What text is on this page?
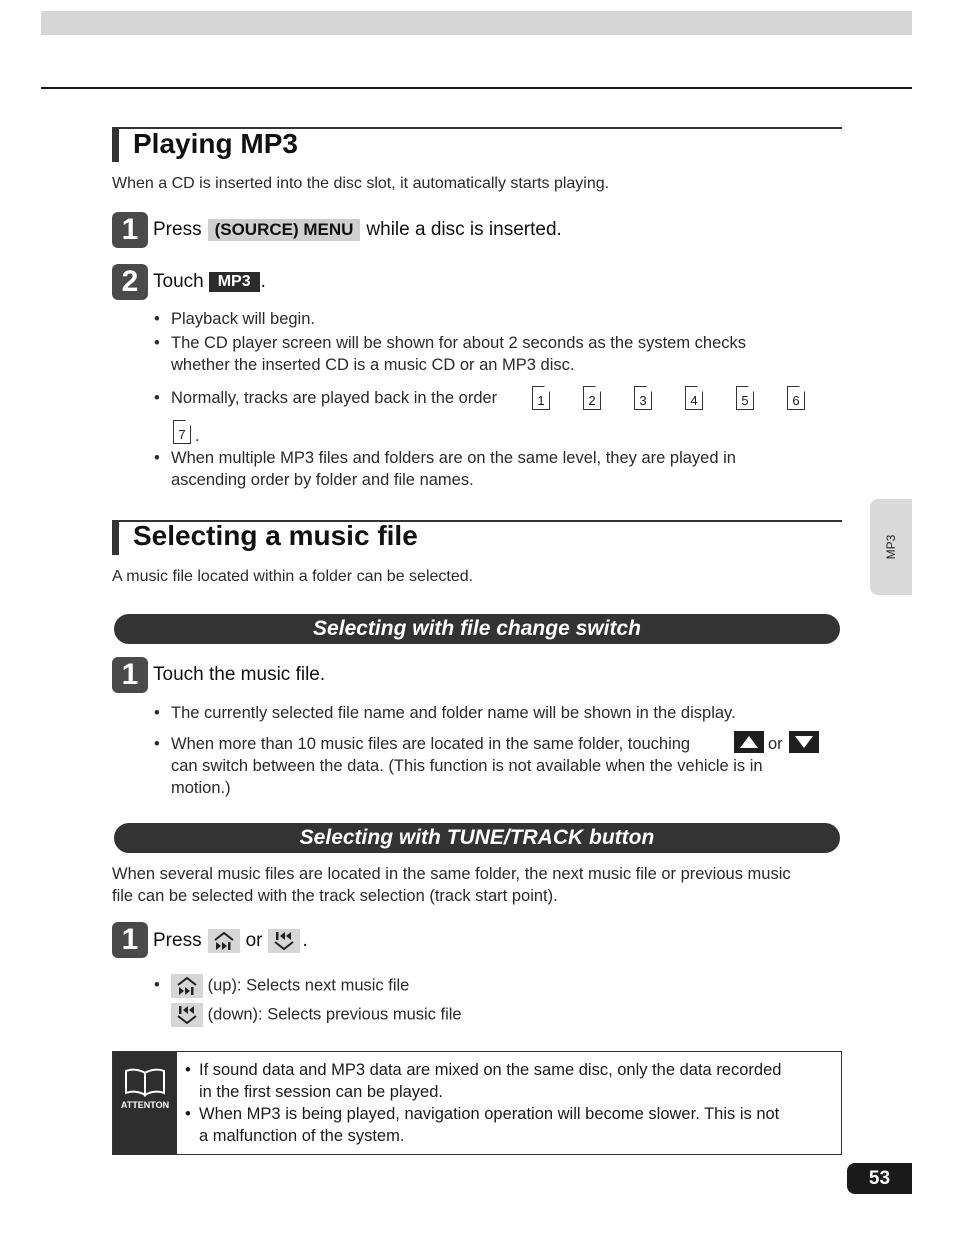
Playing MP3
When a CD is inserted into the disc slot, it automatically starts playing.
1 Press (SOURCE) MENU while a disc is inserted.
2 Touch MP3 .
• Playback will begin.
• The CD player screen will be shown for about 2 seconds as the system checks
whether the inserted CD is a music CD or an MP3 disc.
• Normally, tracks are played back in the order	1	2	3	4	5	6
7 .
• When multiple MP3 files and folders are on the same level, they are played in
ascending order by folder and file names.
Selecting a music file
A music file located within a folder can be selected.
MP3
Selecting with file change switch
1 Touch the music file.
• The currently selected file name and folder name will be shown in the display.
• When more than 10 music files are located in the same folder, touching	or
can switch between the data. (This function is not available when the vehicle is in
motion.)
Selecting with TUNE/TRACK button
When several music files are located in the same folder, the next music file or previous music
file can be selected with the track selection (track start point).
1 Press or .
•	(up): Selects next music file
(down): Selects previous music file
ATTENTON
• If sound data and MP3 data are mixed on the same disc, only the data recorded
in the first session can be played.
• When MP3 is being played, navigation operation will become slower. This is not
a malfunction of the system.
53
